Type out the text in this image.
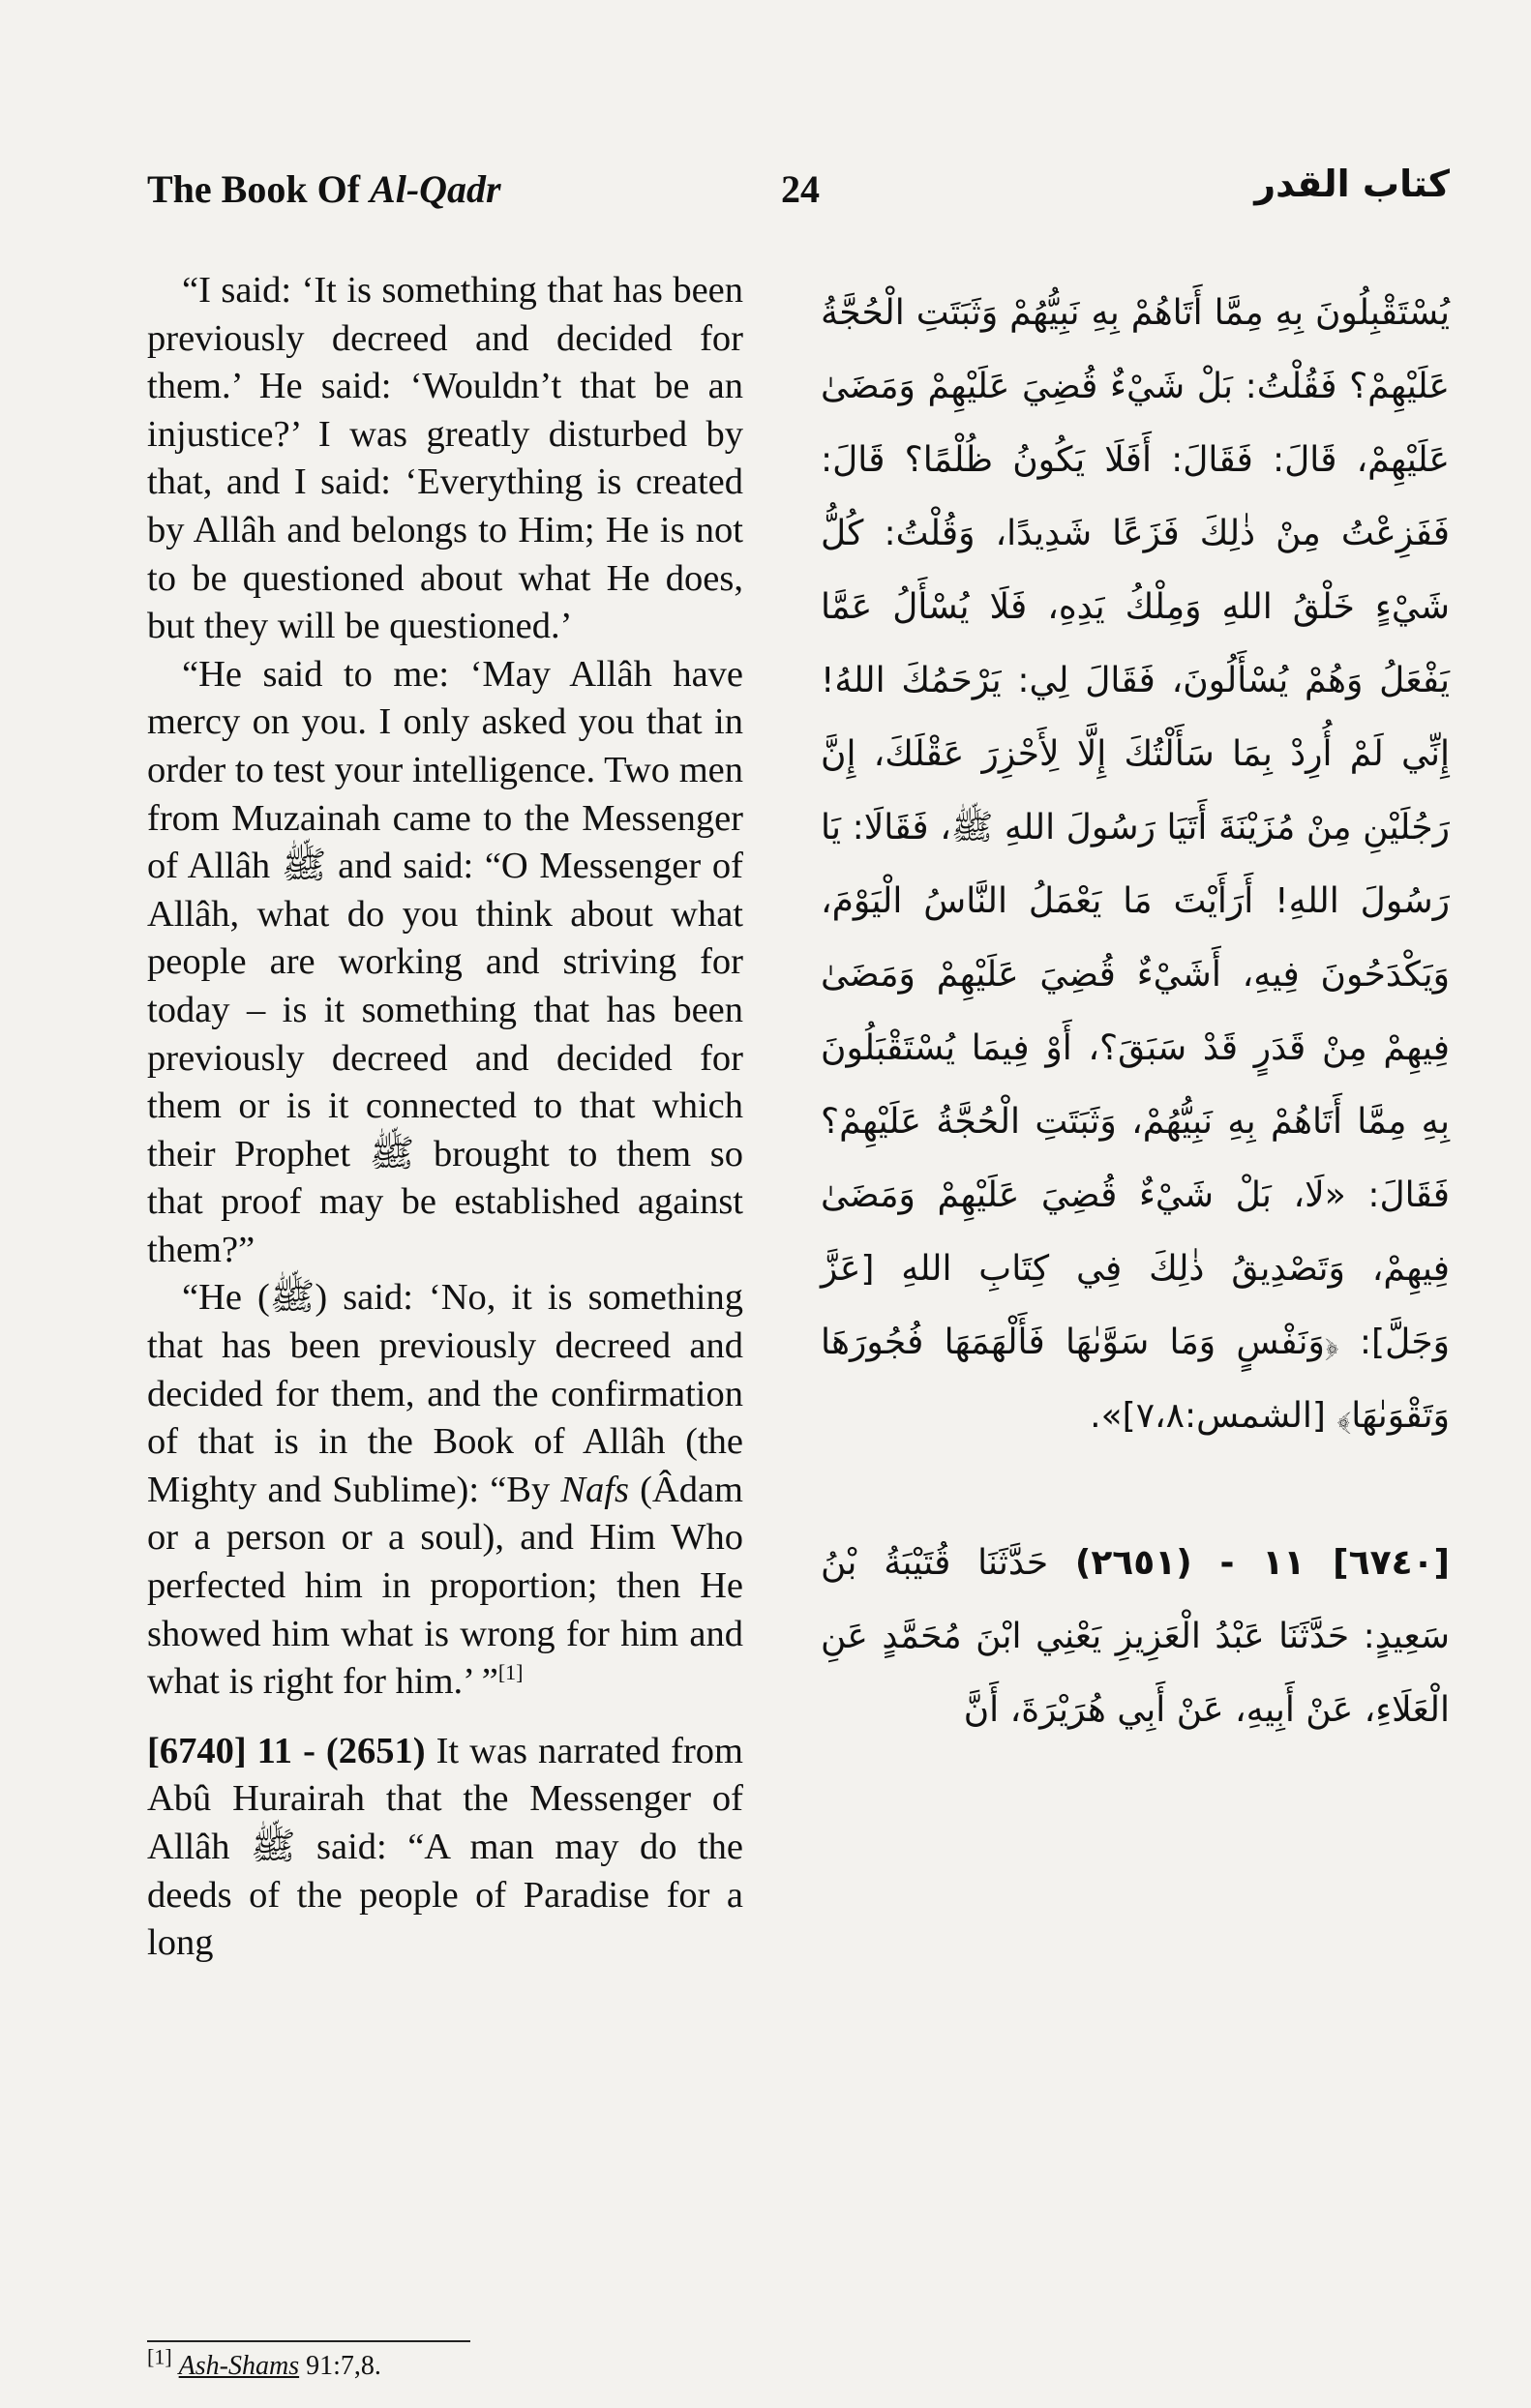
The Book Of Al-Qadr	24	كتاب القدر

“I said: ‘It is something that has been previously decreed and decided for them.’ He said: ‘Wouldn’t that be an injustice?’ I was greatly disturbed by that, and I said: ‘Everything is created by Allâh and belongs to Him; He is not to be questioned about what He does, but they will be questioned.’

“He said to me: ‘May Allâh have mercy on you. I only asked you that in order to test your intelligence. Two men from Muzainah came to the Messenger of Allâh ﷺ and said: “O Messenger of Allâh, what do you think about what people are working and striving for today – is it something that has been previously decreed and decided for them or is it connected to that which their Prophet ﷺ brought to them so that proof may be established against them?”

“He (ﷺ) said: ‘No, it is something that has been previously decreed and decided for them, and the confirmation of that is in the Book of Allâh (the Mighty and Sublime): “By Nafs (Âdam or a person or a soul), and Him Who perfected him in proportion; then He showed him what is wrong for him and what is right for him.’ ”[1]

[6740] 11 - (2651) It was narrated from Abû Hurairah that the Messenger of Allâh ﷺ said: “A man may do the deeds of the people of Paradise for a long

يُسْتَقْبِلُونَ بِهِ مِمَّا أَتَاهُمْ بِهِ نَبِيُّهُمْ وَثَبَتَتِ الْحُجَّةُ عَلَيْهِمْ؟ فَقُلْتُ: بَلْ شَيْءٌ قُضِيَ عَلَيْهِمْ وَمَضَىٰ عَلَيْهِمْ، قَالَ: فَقَالَ: أَفَلَا يَكُونُ ظُلْمًا؟ قَالَ: فَفَزِعْتُ مِنْ ذٰلِكَ فَزَعًا شَدِيدًا، وَقُلْتُ: كُلُّ شَيْءٍ خَلْقُ اللهِ وَمِلْكُ يَدِهِ، فَلَا يُسْأَلُ عَمَّا يَفْعَلُ وَهُمْ يُسْأَلُونَ، فَقَالَ لِي: يَرْحَمُكَ اللهُ! إِنِّي لَمْ أُرِدْ بِمَا سَأَلْتُكَ إِلَّا لِأَحْزِرَ عَقْلَكَ، إِنَّ رَجُلَيْنِ مِنْ مُزَيْنَةَ أَتَيَا رَسُولَ اللهِ ﷺ، فَقَالَا: يَا رَسُولَ اللهِ! أَرَأَيْتَ مَا يَعْمَلُ النَّاسُ الْيَوْمَ، وَيَكْدَحُونَ فِيهِ، أَشَيْءٌ قُضِيَ عَلَيْهِمْ وَمَضَىٰ فِيهِمْ مِنْ قَدَرٍ قَدْ سَبَقَ؟، أَوْ فِيمَا يُسْتَقْبَلُونَ بِهِ مِمَّا أَتَاهُمْ بِهِ نَبِيُّهُمْ، وَثَبَتَتِ الْحُجَّةُ عَلَيْهِمْ؟ فَقَالَ: «لَا، بَلْ شَيْءٌ قُضِيَ عَلَيْهِمْ وَمَضَىٰ فِيهِمْ، وَتَصْدِيقُ ذٰلِكَ فِي كِتَابِ اللهِ [عَزَّ وَجَلَّ]: ﴿وَنَفْسٍ وَمَا سَوَّىٰهَا فَأَلْهَمَهَا فُجُورَهَا وَتَقْوَىٰهَا﴾ [الشمس:٧،٨]».

[٦٧٤٠] ١١ - (٢٦٥١) حَدَّثَنَا قُتَيْبَةُ بْنُ سَعِيدٍ: حَدَّثَنَا عَبْدُ الْعَزِيزِ يَعْنِي ابْنَ مُحَمَّدٍ عَنِ الْعَلَاءِ، عَنْ أَبِيهِ، عَنْ أَبِي هُرَيْرَةَ، أَنَّ

[1] Ash-Shams 91:7,8.
